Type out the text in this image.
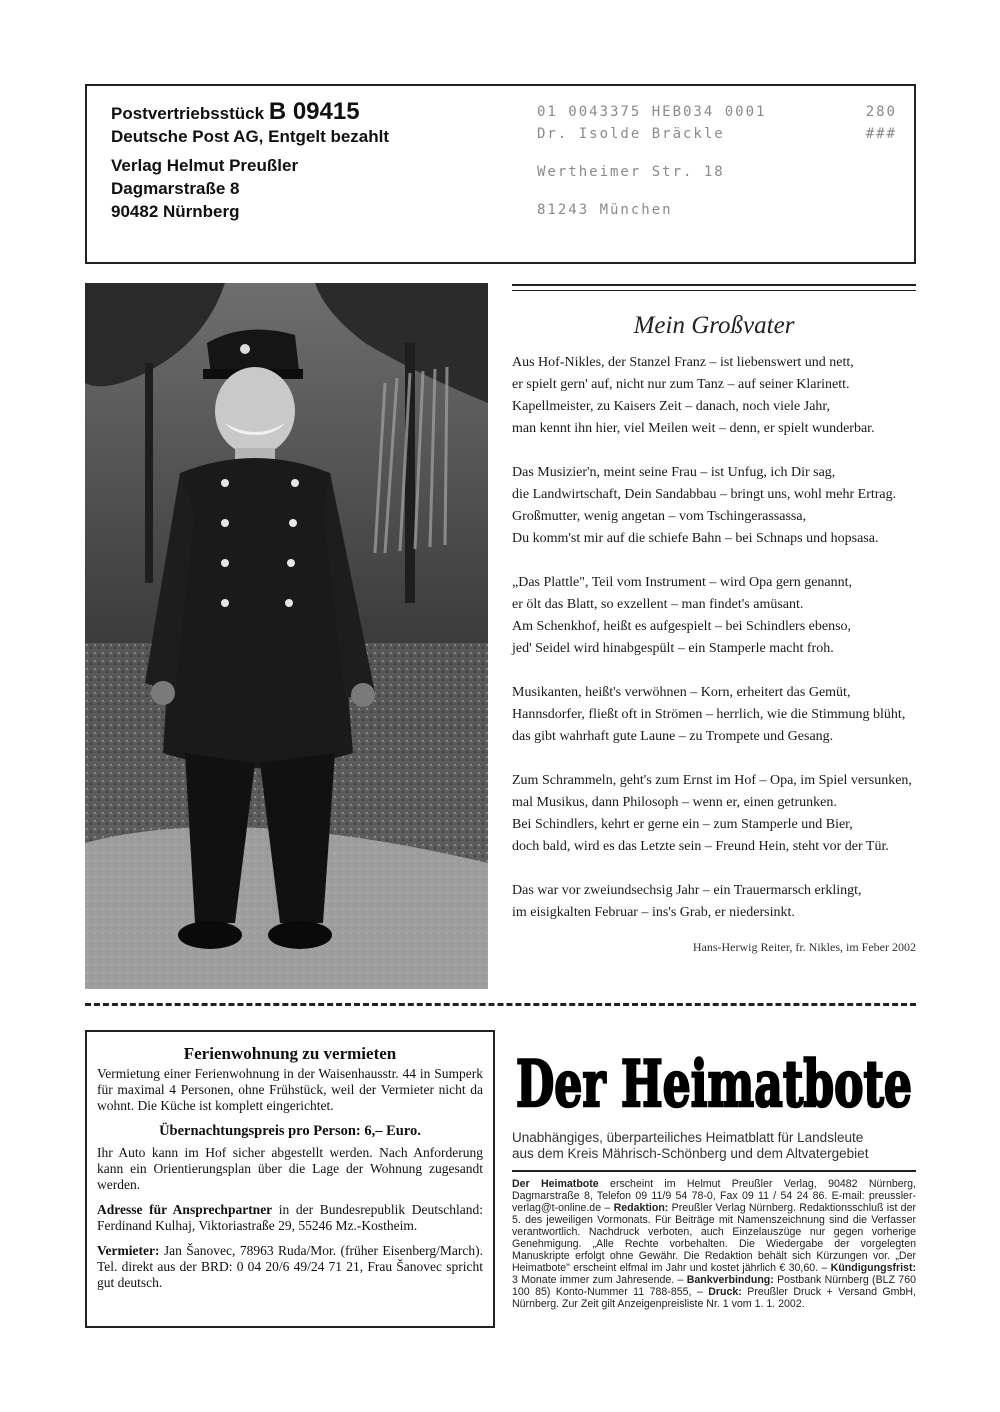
Postvertriebsstück B 09415
Deutsche Post AG, Entgelt bezahlt
Verlag Helmut Preußler
Dagmarstraße 8
90482 Nürnberg
01 0043375 HEB034 0001	280
Dr. Isolde Bräckle	###
Wertheimer Str. 18
81243 München
Mein Großvater
Aus Hof-Nikles, der Stanzel Franz – ist liebenswert und nett,
er spielt gern' auf, nicht nur zum Tanz – auf seiner Klarinett.
Kapellmeister, zu Kaisers Zeit – danach, noch viele Jahr,
man kennt ihn hier, viel Meilen weit – denn, er spielt wunderbar.
Das Musizier'n, meint seine Frau – ist Unfug, ich Dir sag,
die Landwirtschaft, Dein Sandabbau – bringt uns, wohl mehr Ertrag.
Großmutter, wenig angetan – vom Tschingerassassa,
Du komm'st mir auf die schiefe Bahn – bei Schnaps und hopsasa.
„Das Plattle", Teil vom Instrument – wird Opa gern genannt,
er ölt das Blatt, so exzellent – man findet's amüsant.
Am Schenkhof, heißt es aufgespielt – bei Schindlers ebenso,
jed' Seidel wird hinabgespült – ein Stamperle macht froh.
Musikanten, heißt's verwöhnen – Korn, erheitert das Gemüt,
Hannsdorfer, fließt oft in Strömen – herrlich, wie die Stimmung blüht,
das gibt wahrhaft gute Laune – zu Trompete und Gesang.
Zum Schrammeln, geht's zum Ernst im Hof – Opa, im Spiel versunken,
mal Musikus, dann Philosoph – wenn er, einen getrunken.
Bei Schindlers, kehrt er gerne ein – zum Stamperle und Bier,
doch bald, wird es das Letzte sein – Freund Hein, steht vor der Tür.
Das war vor zweiundsechsig Jahr – ein Trauermarsch erklingt,
im eisigkalten Februar – ins's Grab, er niedersinkt.
Hans-Herwig Reiter, fr. Nikles, im Feber 2002
Ferienwohnung zu vermieten

Vermietung einer Ferienwohnung in der Waisenhausstr. 44 in Sumperk für maximal 4 Personen, ohne Frühstück, weil der Vermieter nicht da wohnt. Die Küche ist komplett eingerichtet.

Übernachtungspreis pro Person: 6,– Euro.

Ihr Auto kann im Hof sicher abgestellt werden. Nach Anforderung kann ein Orientierungsplan über die Lage der Wohnung zugesandt werden.

Adresse für Ansprechpartner in der Bundesrepublik Deutschland: Ferdinand Kulhaj, Viktoriastraße 29, 55246 Mz.-Kostheim.

Vermieter: Jan Šanovec, 78963 Ruda/Mor. (früher Eisenberg/March). Tel. direkt aus der BRD: 0 04 20/6 49/24 71 21, Frau Šanovec spricht gut deutsch.

Der Heimatbote
Unabhängiges, überparteiliches Heimatblatt für Landsleute
aus dem Kreis Mährisch-Schönberg und dem Altvatergebiet
Der Heimatbote erscheint im Helmut Preußler Verlag, 90482 Nürnberg, Dagmarstraße 8, Telefon 09 11/9 54 78-0, Fax 09 11 / 54 24 86. E-mail: preussler-verlag@t-online.de – Redaktion: Preußler Verlag Nürnberg. Redaktionsschluß ist der 5. des jeweiligen Vormonats. Für Beiträge mit Namenszeichnung sind die Verfasser verantwortlich. Nachdruck verboten, auch Einzelauszüge nur gegen vorherige Genehmigung. „Alle Rechte vorbehalten. Die Wiedergabe der vorgelegten Manuskripte erfolgt ohne Gewähr. Die Redaktion behält sich Kürzungen vor. „Der Heimatbote" erscheint elfmal im Jahr und kostet jährlich € 30,60. – Kündigungsfrist: 3 Monate immer zum Jahresende. – Bankverbindung: Postbank Nürnberg (BLZ 760 100 85) Konto-Nummer 11 788-855, – Druck: Preußler Druck + Versand GmbH, Nürnberg. Zur Zeit gilt Anzeigenpreisliste Nr. 1 vom 1. 1. 2002.
